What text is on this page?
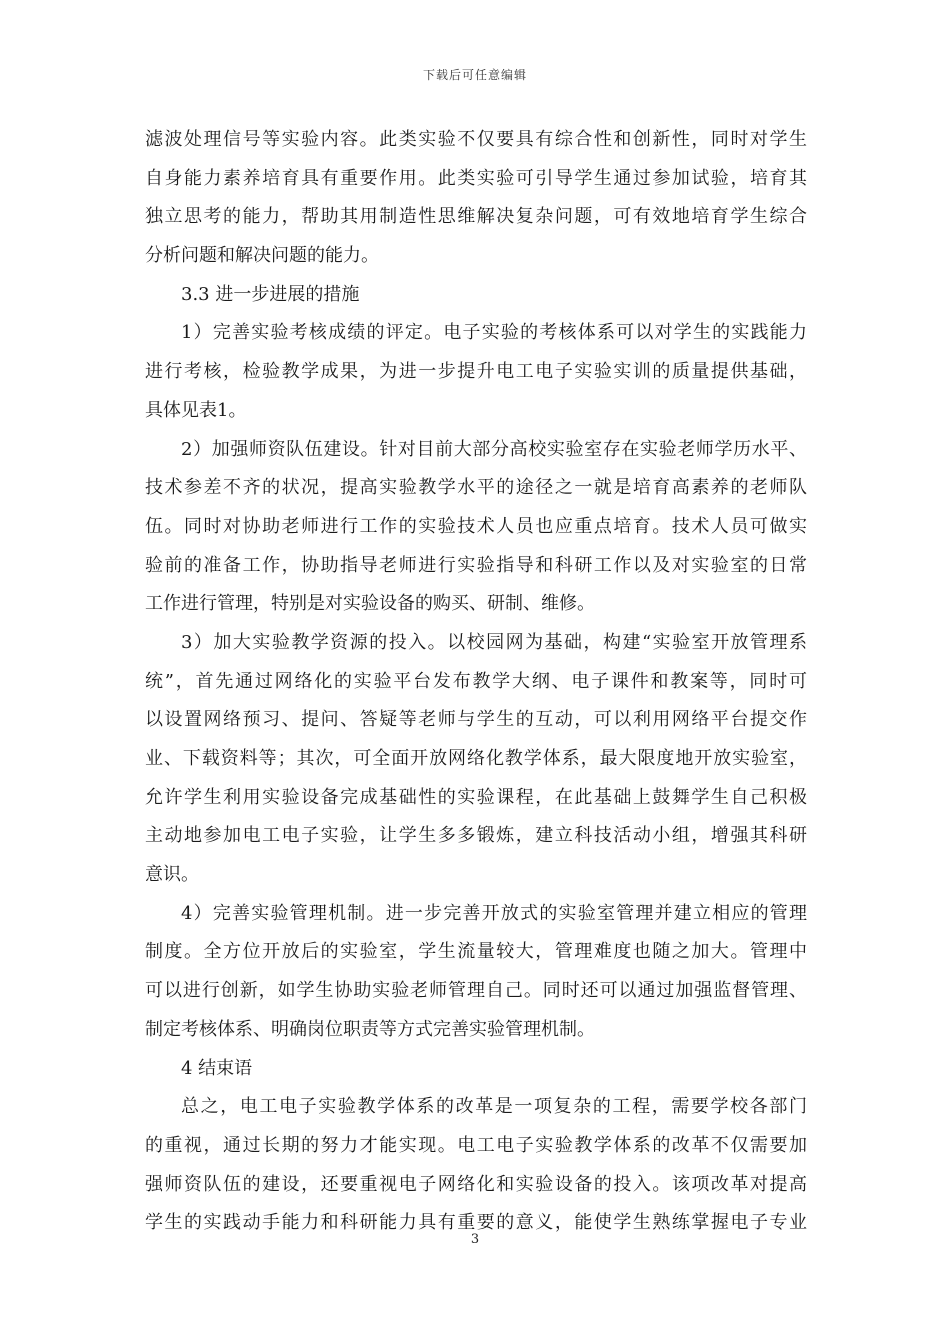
下载后可任意编辑
滤波处理信号等实验内容。此类实验不仅要具有综合性和创新性，同时对学生
自身能力素养培育具有重要作用。此类实验可引导学生通过参加试验，培育其
独立思考的能力，帮助其用制造性思维解决复杂问题，可有效地培育学生综合
分析问题和解决问题的能力。
3.3 进一步进展的措施
1）完善实验考核成绩的评定。电子实验的考核体系可以对学生的实践能力
进行考核，检验教学成果，为进一步提升电工电子实验实训的质量提供基础，
具体见表1。
2）加强师资队伍建设。针对目前大部分高校实验室存在实验老师学历水平、
技术参差不齐的状况，提高实验教学水平的途径之一就是培育高素养的老师队
伍。同时对协助老师进行工作的实验技术人员也应重点培育。技术人员可做实
验前的准备工作，协助指导老师进行实验指导和科研工作以及对实验室的日常
工作进行管理，特别是对实验设备的购买、研制、维修。
3）加大实验教学资源的投入。以校园网为基础，构建“实验室开放管理系
统”，首先通过网络化的实验平台发布教学大纲、电子课件和教案等，同时可
以设置网络预习、提问、答疑等老师与学生的互动，可以利用网络平台提交作
业、下载资料等；其次，可全面开放网络化教学体系，最大限度地开放实验室，
允许学生利用实验设备完成基础性的实验课程，在此基础上鼓舞学生自己积极
主动地参加电工电子实验，让学生多多锻炼，建立科技活动小组，增强其科研
意识。
4）完善实验管理机制。进一步完善开放式的实验室管理并建立相应的管理
制度。全方位开放后的实验室，学生流量较大，管理难度也随之加大。管理中
可以进行创新，如学生协助实验老师管理自己。同时还可以通过加强监督管理、
制定考核体系、明确岗位职责等方式完善实验管理机制。
4 结束语
总之，电工电子实验教学体系的改革是一项复杂的工程，需要学校各部门
的重视，通过长期的努力才能实现。电工电子实验教学体系的改革不仅需要加
强师资队伍的建设，还要重视电子网络化和实验设备的投入。该项改革对提高
学生的实践动手能力和科研能力具有重要的意义，能使学生熟练掌握电子专业
3
